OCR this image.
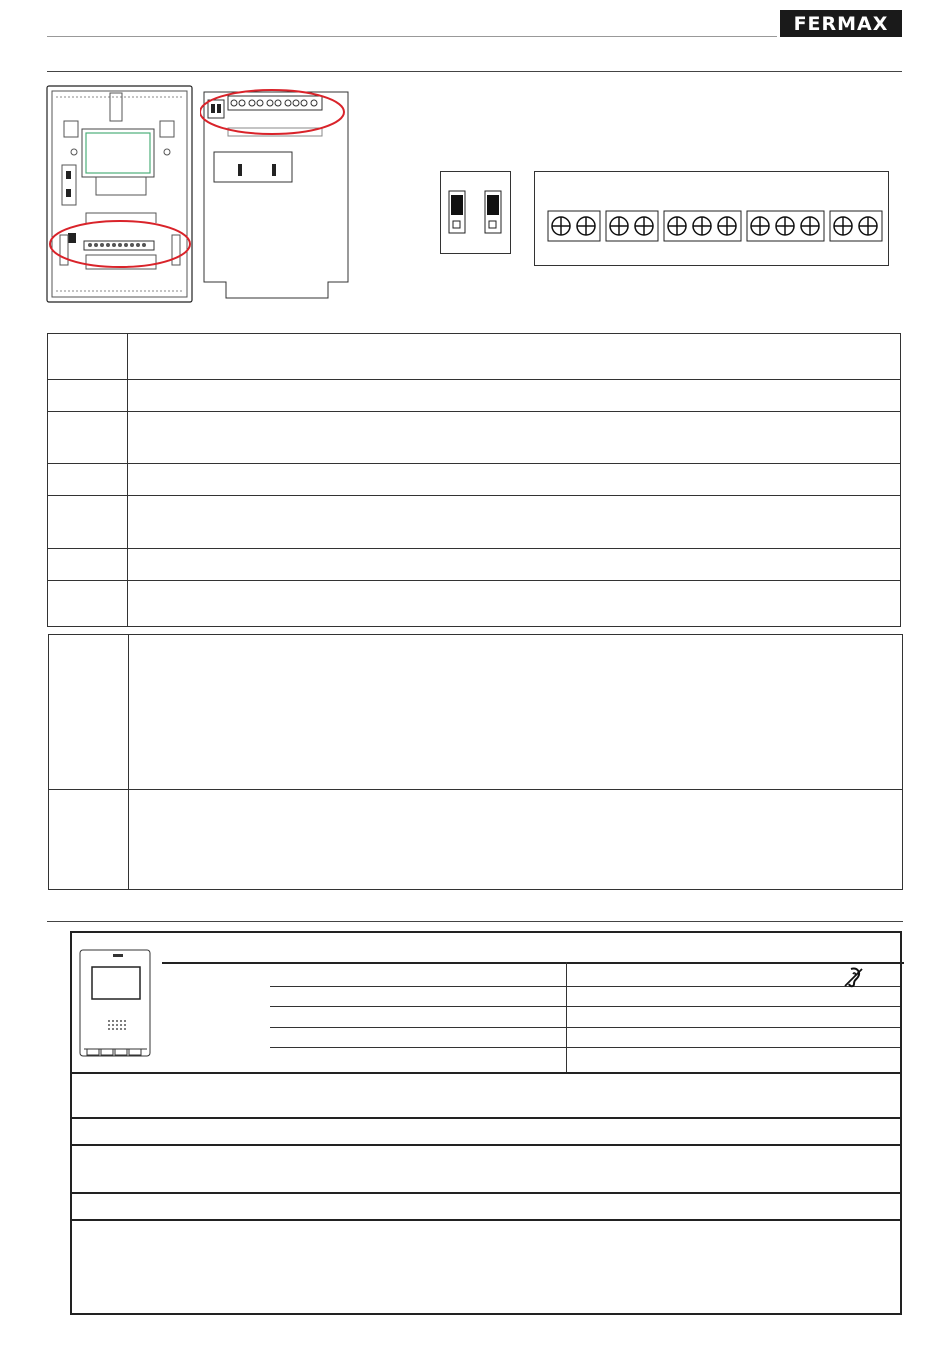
FERMAX
